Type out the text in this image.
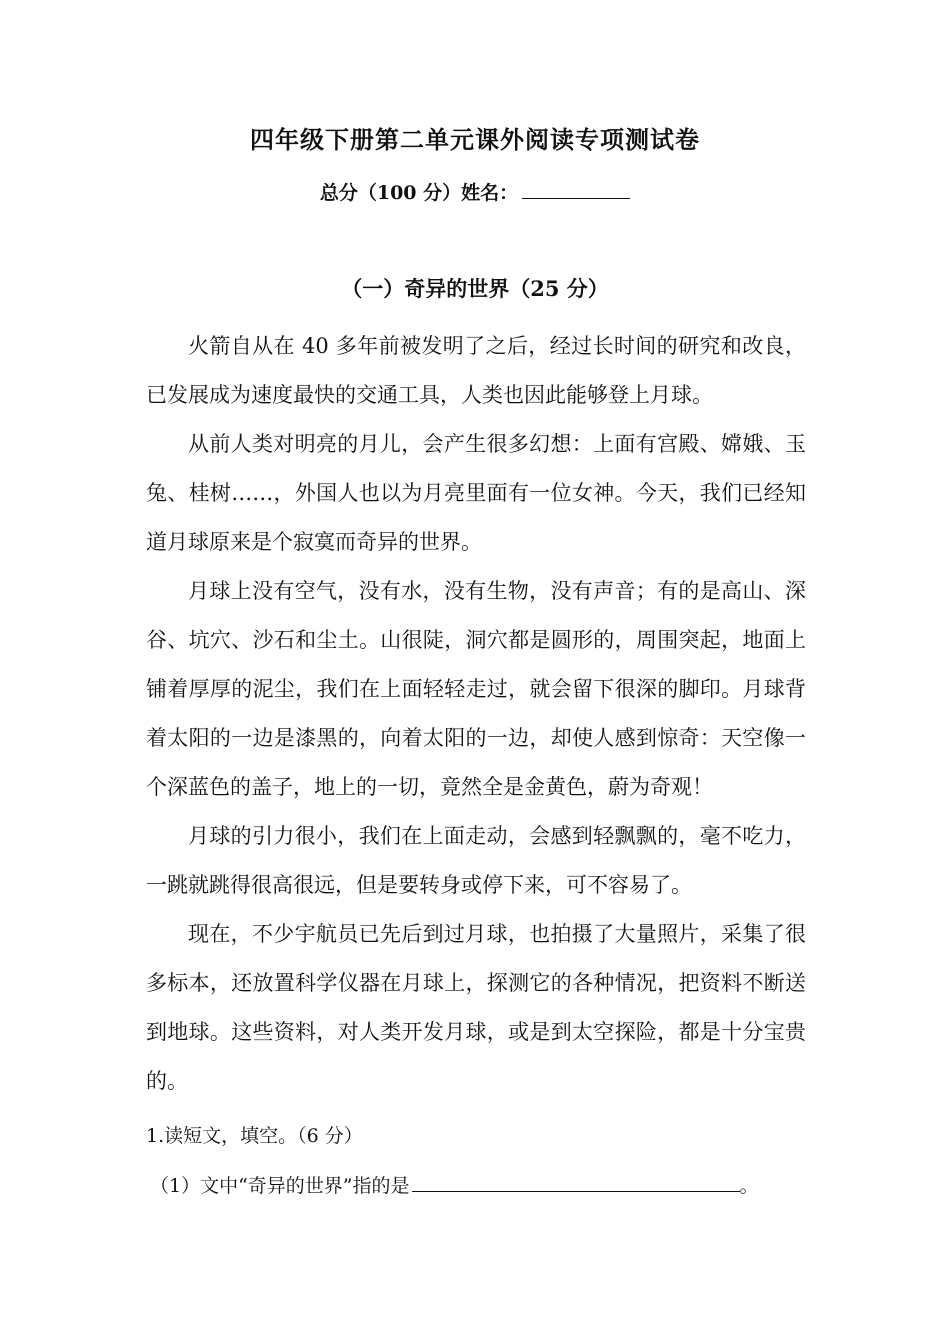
四年级下册第二单元课外阅读专项测试卷
总分（100 分）姓名：
（一）奇异的世界（25 分）

火箭自从在 40 多年前被发明了之后，经过长时间的研究和改良，已发展成为速度最快的交通工具，人类也因此能够登上月球。

从前人类对明亮的月儿，会产生很多幻想：上面有宫殿、嫦娥、玉兔、桂树……，外国人也以为月亮里面有一位女神。今天，我们已经知道月球原来是个寂寞而奇异的世界。

月球上没有空气，没有水，没有生物，没有声音；有的是高山、深谷、坑穴、沙石和尘土。山很陡，洞穴都是圆形的，周围突起，地面上铺着厚厚的泥尘，我们在上面轻轻走过，就会留下很深的脚印。月球背着太阳的一边是漆黑的，向着太阳的一边，却使人感到惊奇：天空像一个深蓝色的盖子，地上的一切，竟然全是金黄色，蔚为奇观！

月球的引力很小，我们在上面走动，会感到轻飘飘的，毫不吃力，一跳就跳得很高很远，但是要转身或停下来，可不容易了。

现在，不少宇航员已先后到过月球，也拍摄了大量照片，采集了很多标本，还放置科学仪器在月球上，探测它的各种情况，把资料不断送到地球。这些资料，对人类开发月球，或是到太空探险，都是十分宝贵的。

1.读短文，填空。（6 分）
（1）文中“奇异的世界”指的是	。
